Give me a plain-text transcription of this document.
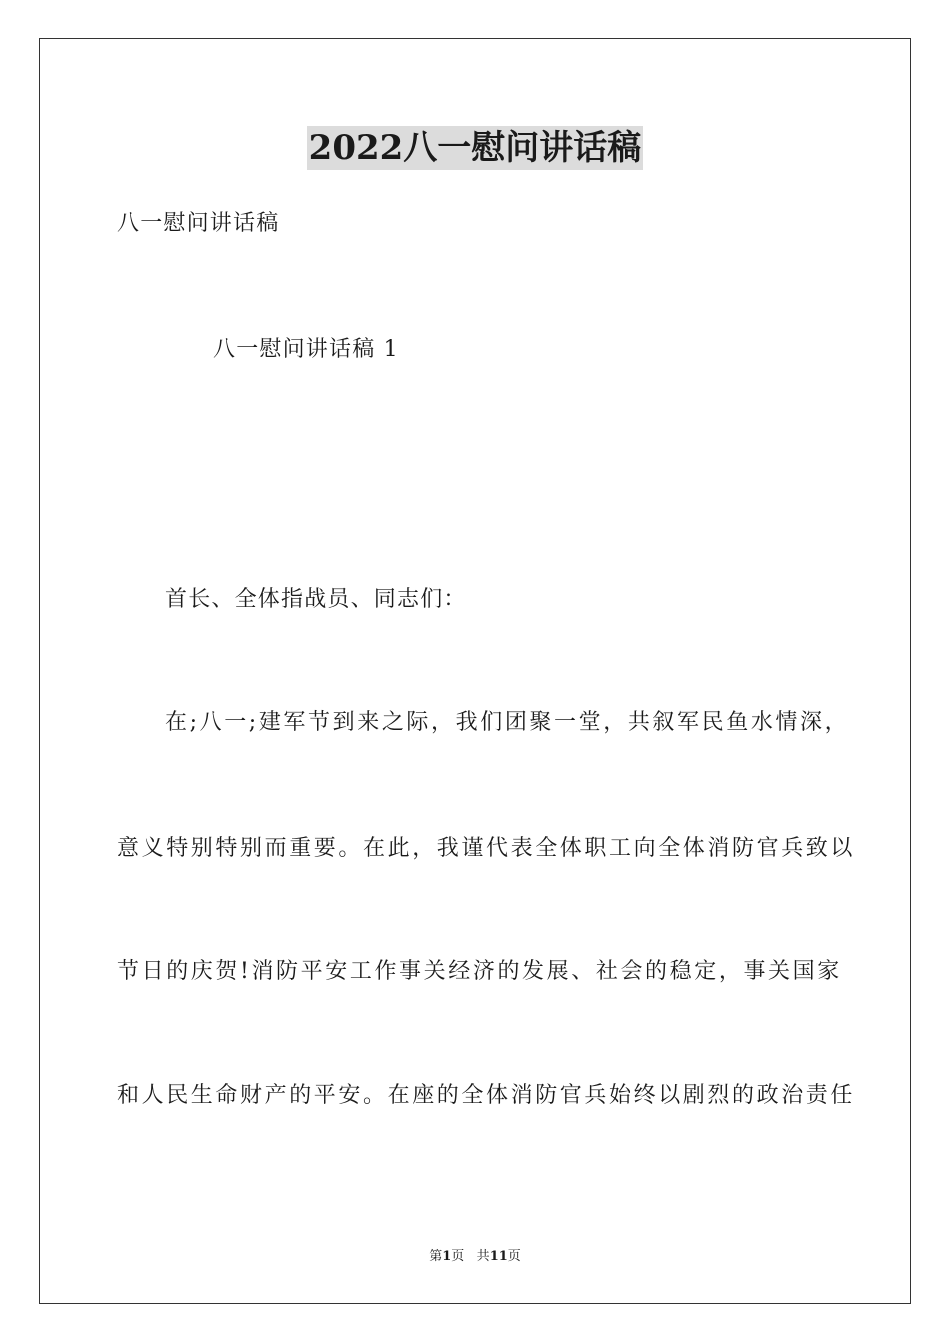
2022八一慰问讲话稿
八一慰问讲话稿
八一慰问讲话稿 1
首长、全体指战员、同志们：
在;八一;建军节到来之际，我们团聚一堂，共叙军民鱼水情深，
意义特别特别而重要。在此，我谨代表全体职工向全体消防官兵致以
节日的庆贺!消防平安工作事关经济的发展、社会的稳定，事关国家
和人民生命财产的平安。在座的全体消防官兵始终以剧烈的政治责任
第1页 共11页
